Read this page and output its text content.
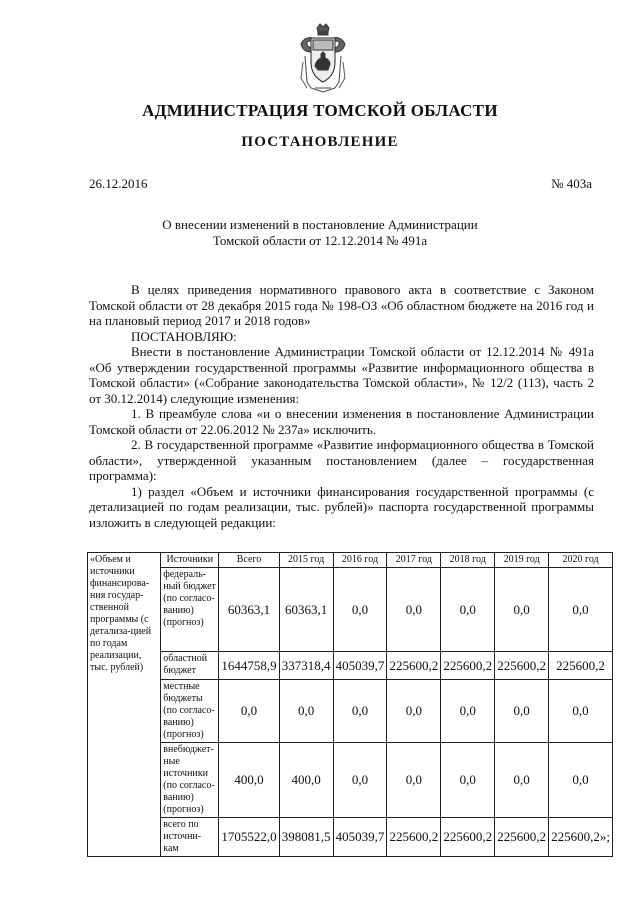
АДМИНИСТРАЦИЯ ТОМСКОЙ ОБЛАСТИ
ПОСТАНОВЛЕНИЕ
26.12.2016	№ 403а
О внесении изменений в постановление Администрации
Томской области от 12.12.2014 № 491а

В целях приведения нормативного правового акта в соответствие с Законом Томской области от 28 декабря 2015 года № 198-ОЗ «Об областном бюджете на 2016 год и на плановый период 2017 и 2018 годов»

ПОСТАНОВЛЯЮ:

Внести в постановление Администрации Томской области от 12.12.2014 № 491а «Об утверждении государственной программы «Развитие информационного общества в Томской области» («Собрание законодательства Томской области», № 12/2 (113), часть 2 от 30.12.2014) следующие изменения:

1. В преамбуле слова «и о внесении изменения в постановление Администрации Томской области от 22.06.2012 № 237а» исключить.

2. В государственной программе «Развитие информационного общества в Томской области», утвержденной указанным постановлением (далее – государственная программа):

1) раздел «Объем и источники финансирования государственной программы (с детализацией по годам реализации, тыс. рублей)» паспорта государственной программы изложить в следующей редакции:

«Объем и источники финансирова-ния государ-ственной программы (с детализа-цией по годам реализации, тыс. рублей)	Источники	Всего	2015 год	2016 год	2017 год	2018 год	2019 год	2020 год
	федераль-ный бюджет (по согласо-ванию) (прогноз)	60363,1	60363,1	0,0	0,0	0,0	0,0	0,0
	областной бюджет	1644758,9	337318,4	405039,7	225600,2	225600,2	225600,2	225600,2
	местные бюджеты (по согласо-ванию) (прогноз)	0,0	0,0	0,0	0,0	0,0	0,0	0,0
	внебюджет-ные источники (по согласо-ванию) (прогноз)	400,0	400,0	0,0	0,0	0,0	0,0	0,0
	всего по источни-кам	1705522,0	398081,5	405039,7	225600,2	225600,2	225600,2	225600,2»;
